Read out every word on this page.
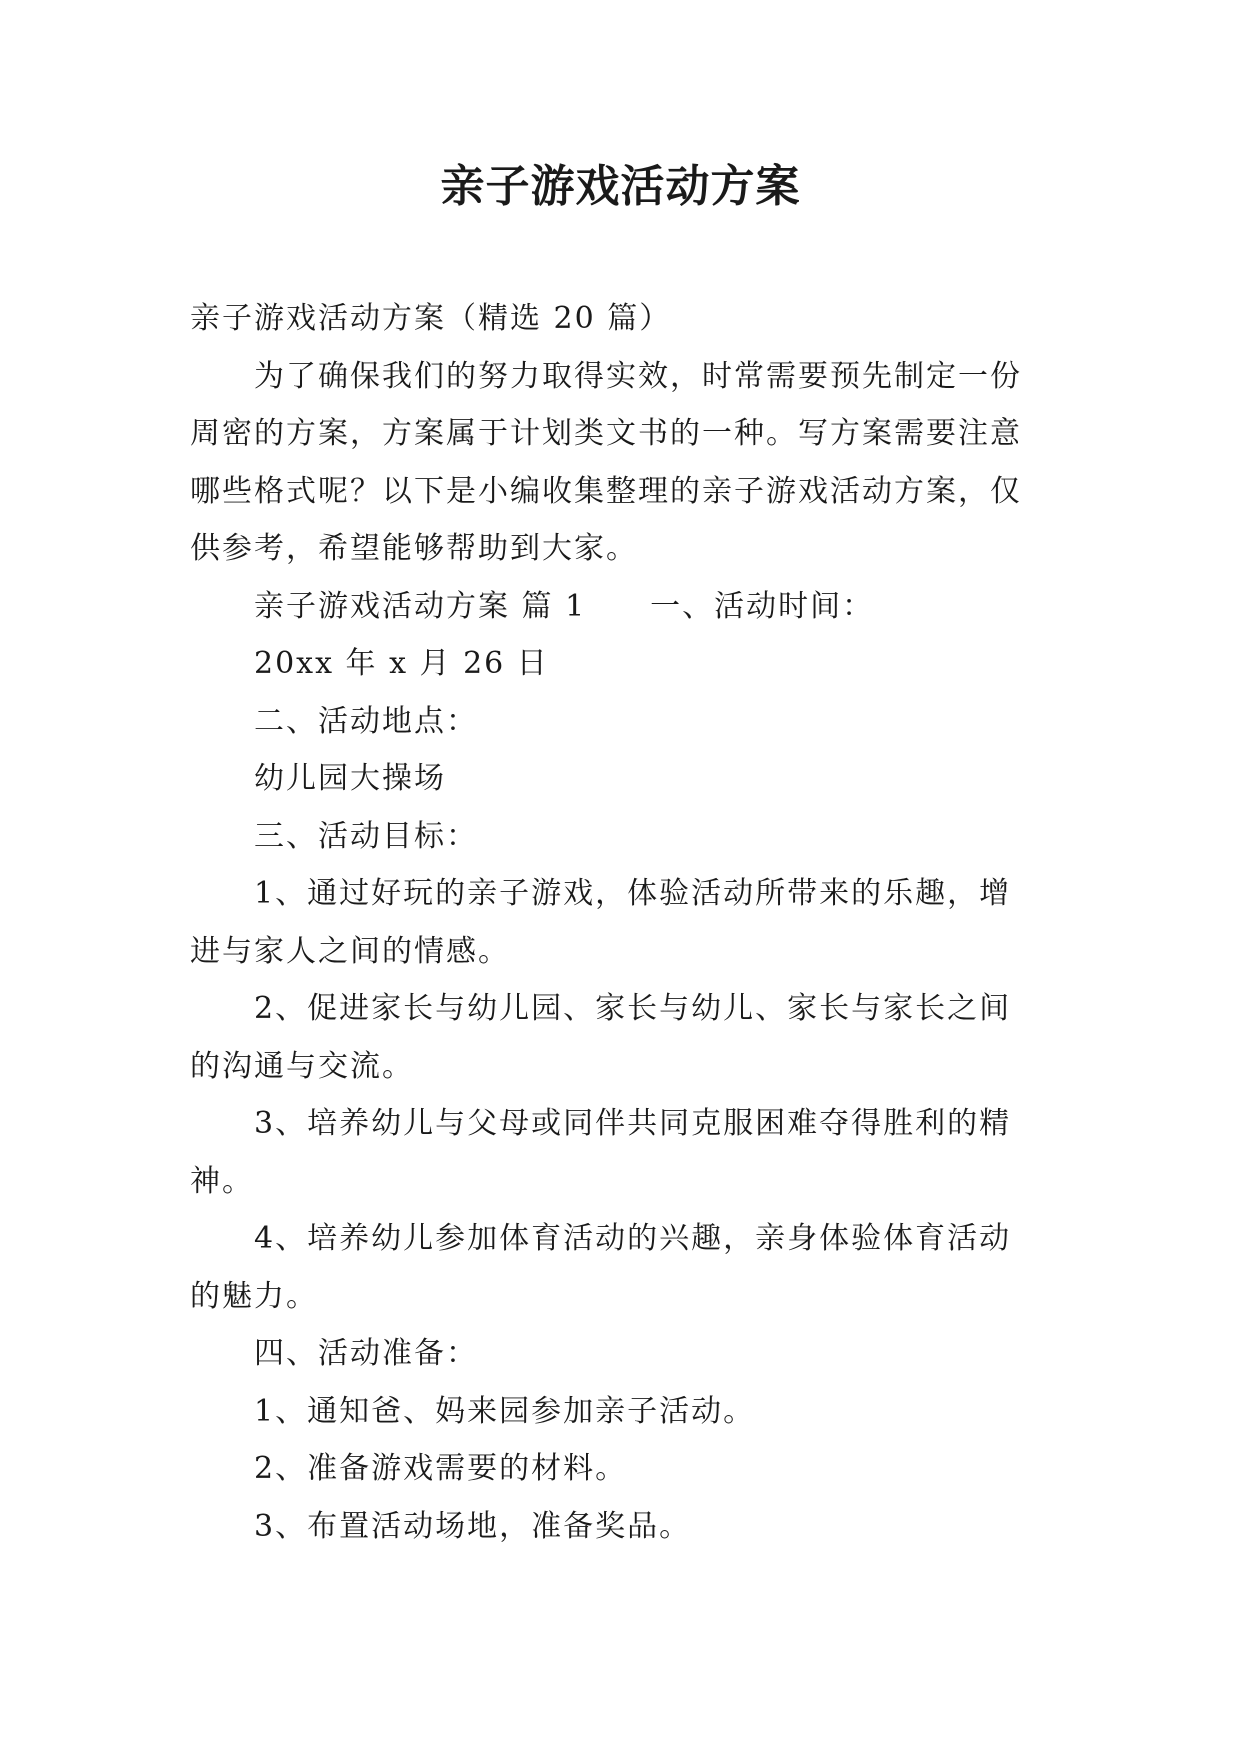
亲子游戏活动方案
亲子游戏活动方案（精选 20 篇）
为了确保我们的努力取得实效，时常需要预先制定一份
周密的方案，方案属于计划类文书的一种。写方案需要注意
哪些格式呢？以下是小编收集整理的亲子游戏活动方案，仅
供参考，希望能够帮助到大家。
亲子游戏活动方案 篇 1 一、活动时间：
20xx 年 x 月 26 日
二、活动地点：
幼儿园大操场
三、活动目标：
1、通过好玩的亲子游戏，体验活动所带来的乐趣，增
进与家人之间的情感。
2、促进家长与幼儿园、家长与幼儿、家长与家长之间
的沟通与交流。
3、培养幼儿与父母或同伴共同克服困难夺得胜利的精
神。
4、培养幼儿参加体育活动的兴趣，亲身体验体育活动
的魅力。
四、活动准备：
1、通知爸、妈来园参加亲子活动。
2、准备游戏需要的材料。
3、布置活动场地，准备奖品。
